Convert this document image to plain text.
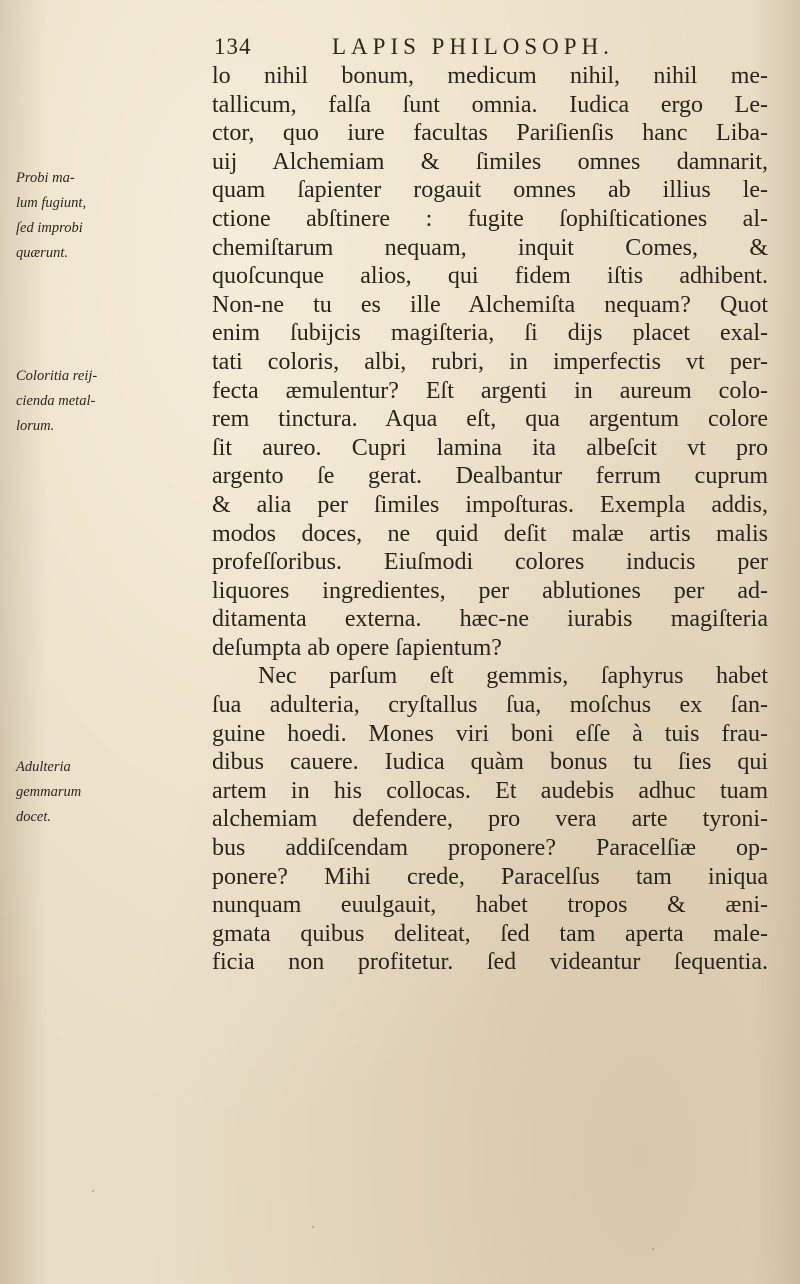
134	LAPIS PHILOSOPH.
lo nihil bonum, medicum nihil, nihil me-
tallicum, falſa ſunt omnia. Iudica ergo Le-
ctor, quo iure facultas Pariſienſis hanc Liba-
uij Alchemiam & ſimiles omnes damnarit,
quam ſapienter rogauit omnes ab illius le-
ctione abſtinere : fugite ſophiſticationes al-
chemiſtarum nequam, inquit Comes, &
quoſcunque alios, qui fidem iſtis adhibent.
Non-ne tu es ille Alchemiſta nequam? Quot
enim ſubijcis magiſteria, ſi dijs placet exal-
tati coloris, albi, rubri, in imperfectis vt per-
fecta æmulentur? Eſt argenti in aureum colo-
rem tinctura. Aqua eſt, qua argentum colore
ſit aureo. Cupri lamina ita albeſcit vt pro
argento ſe gerat. Dealbantur ferrum cuprum
& alia per ſimiles impoſturas. Exempla addis,
modos doces, ne quid deſit malæ artis malis
profeſſoribus. Eiuſmodi colores inducis per
liquores ingredientes, per ablutiones per ad-
ditamenta externa. hæc-ne iurabis magiſteria
deſumpta ab opere ſapientum?
Nec parſum eſt gemmis, ſaphyrus habet
ſua adulteria, cryſtallus ſua, moſchus ex ſan-
guine hoedi. Mones viri boni eſſe à tuis frau-
dibus cauere. Iudica quàm bonus tu ſies qui
artem in his collocas. Et audebis adhuc tuam
alchemiam defendere, pro vera arte tyroni-
bus addiſcendam proponere? Paracelſiæ op-
ponere? Mihi crede, Paracelſus tam iniqua
nunquam euulgauit, habet tropos & æni-
gmata quibus deliteat, ſed tam aperta male-
ficia non profitetur. ſed videantur ſequentia.
Probi ma-
lum fugiunt,
ſed improbi
quærunt.
Coloritia reij-
cienda metal-
lorum.
Adulteria
gemmarum
docet.
